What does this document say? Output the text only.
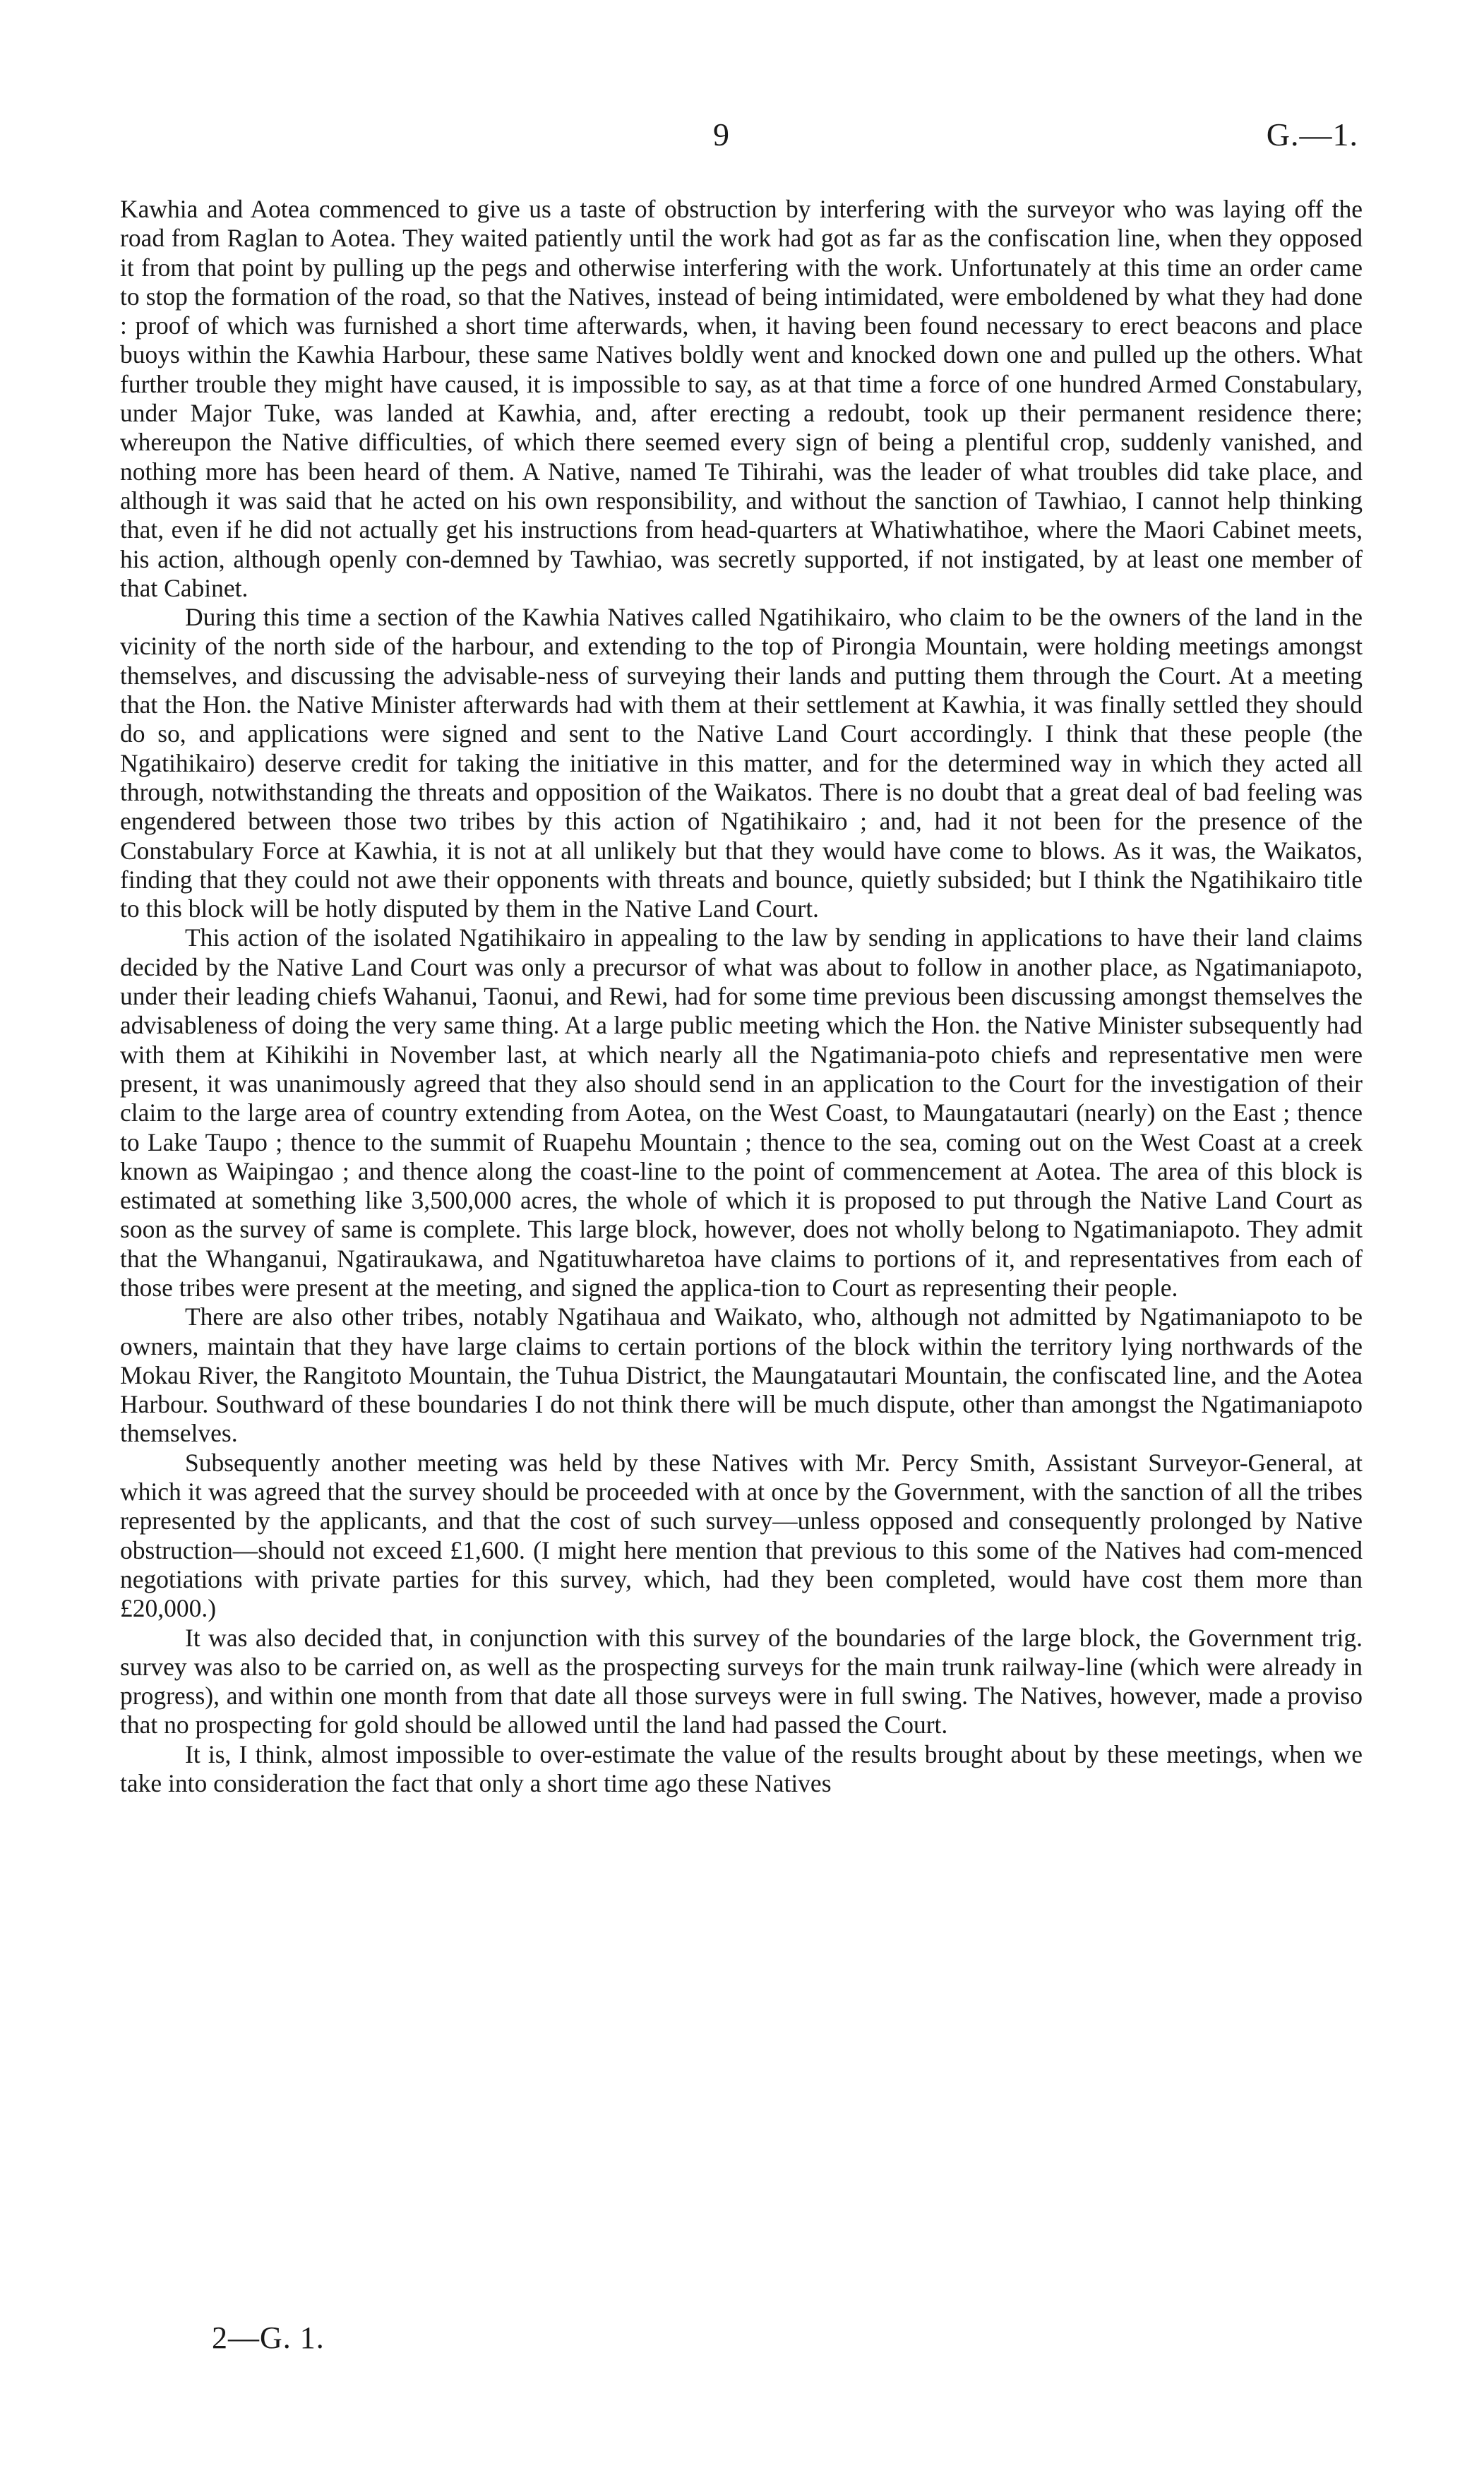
9	G.—1.

Kawhia and Aotea commenced to give us a taste of obstruction by interfering with the surveyor who was laying off the road from Raglan to Aotea. They waited patiently until the work had got as far as the confiscation line, when they opposed it from that point by pulling up the pegs and otherwise interfering with the work. Unfortunately at this time an order came to stop the formation of the road, so that the Natives, instead of being intimidated, were emboldened by what they had done : proof of which was furnished a short time afterwards, when, it having been found necessary to erect beacons and place buoys within the Kawhia Harbour, these same Natives boldly went and knocked down one and pulled up the others. What further trouble they might have caused, it is impossible to say, as at that time a force of one hundred Armed Constabulary, under Major Tuke, was landed at Kawhia, and, after erecting a redoubt, took up their permanent residence there; whereupon the Native difficulties, of which there seemed every sign of being a plentiful crop, suddenly vanished, and nothing more has been heard of them. A Native, named Te Tihirahi, was the leader of what troubles did take place, and although it was said that he acted on his own responsibility, and without the sanction of Tawhiao, I cannot help thinking that, even if he did not actually get his instructions from head-quarters at Whatiwhatihoe, where the Maori Cabinet meets, his action, although openly con-demned by Tawhiao, was secretly supported, if not instigated, by at least one member of that Cabinet.

During this time a section of the Kawhia Natives called Ngatihikairo, who claim to be the owners of the land in the vicinity of the north side of the harbour, and extending to the top of Pirongia Mountain, were holding meetings amongst themselves, and discussing the advisable-ness of surveying their lands and putting them through the Court. At a meeting that the Hon. the Native Minister afterwards had with them at their settlement at Kawhia, it was finally settled they should do so, and applications were signed and sent to the Native Land Court accordingly. I think that these people (the Ngatihikairo) deserve credit for taking the initiative in this matter, and for the determined way in which they acted all through, notwithstanding the threats and opposition of the Waikatos. There is no doubt that a great deal of bad feeling was engendered between those two tribes by this action of Ngatihikairo ; and, had it not been for the presence of the Constabulary Force at Kawhia, it is not at all unlikely but that they would have come to blows. As it was, the Waikatos, finding that they could not awe their opponents with threats and bounce, quietly subsided; but I think the Ngatihikairo title to this block will be hotly disputed by them in the Native Land Court.

This action of the isolated Ngatihikairo in appealing to the law by sending in applications to have their land claims decided by the Native Land Court was only a precursor of what was about to follow in another place, as Ngatimaniapoto, under their leading chiefs Wahanui, Taonui, and Rewi, had for some time previous been discussing amongst themselves the advisableness of doing the very same thing. At a large public meeting which the Hon. the Native Minister subsequently had with them at Kihikihi in November last, at which nearly all the Ngatimania-poto chiefs and representative men were present, it was unanimously agreed that they also should send in an application to the Court for the investigation of their claim to the large area of country extending from Aotea, on the West Coast, to Maungatautari (nearly) on the East ; thence to Lake Taupo ; thence to the summit of Ruapehu Mountain ; thence to the sea, coming out on the West Coast at a creek known as Waipingao ; and thence along the coast-line to the point of commencement at Aotea. The area of this block is estimated at something like 3,500,000 acres, the whole of which it is proposed to put through the Native Land Court as soon as the survey of same is complete. This large block, however, does not wholly belong to Ngatimaniapoto. They admit that the Whanganui, Ngatiraukawa, and Ngatituwharetoa have claims to portions of it, and representatives from each of those tribes were present at the meeting, and signed the applica-tion to Court as representing their people.

There are also other tribes, notably Ngatihaua and Waikato, who, although not admitted by Ngatimaniapoto to be owners, maintain that they have large claims to certain portions of the block within the territory lying northwards of the Mokau River, the Rangitoto Mountain, the Tuhua District, the Maungatautari Mountain, the confiscated line, and the Aotea Harbour. Southward of these boundaries I do not think there will be much dispute, other than amongst the Ngatimaniapoto themselves.

Subsequently another meeting was held by these Natives with Mr. Percy Smith, Assistant Surveyor-General, at which it was agreed that the survey should be proceeded with at once by the Government, with the sanction of all the tribes represented by the applicants, and that the cost of such survey—unless opposed and consequently prolonged by Native obstruction—should not exceed £1,600. (I might here mention that previous to this some of the Natives had com-menced negotiations with private parties for this survey, which, had they been completed, would have cost them more than £20,000.)

It was also decided that, in conjunction with this survey of the boundaries of the large block, the Government trig. survey was also to be carried on, as well as the prospecting surveys for the main trunk railway-line (which were already in progress), and within one month from that date all those surveys were in full swing. The Natives, however, made a proviso that no prospecting for gold should be allowed until the land had passed the Court.

It is, I think, almost impossible to over-estimate the value of the results brought about by these meetings, when we take into consideration the fact that only a short time ago these Natives

2—G. 1.
